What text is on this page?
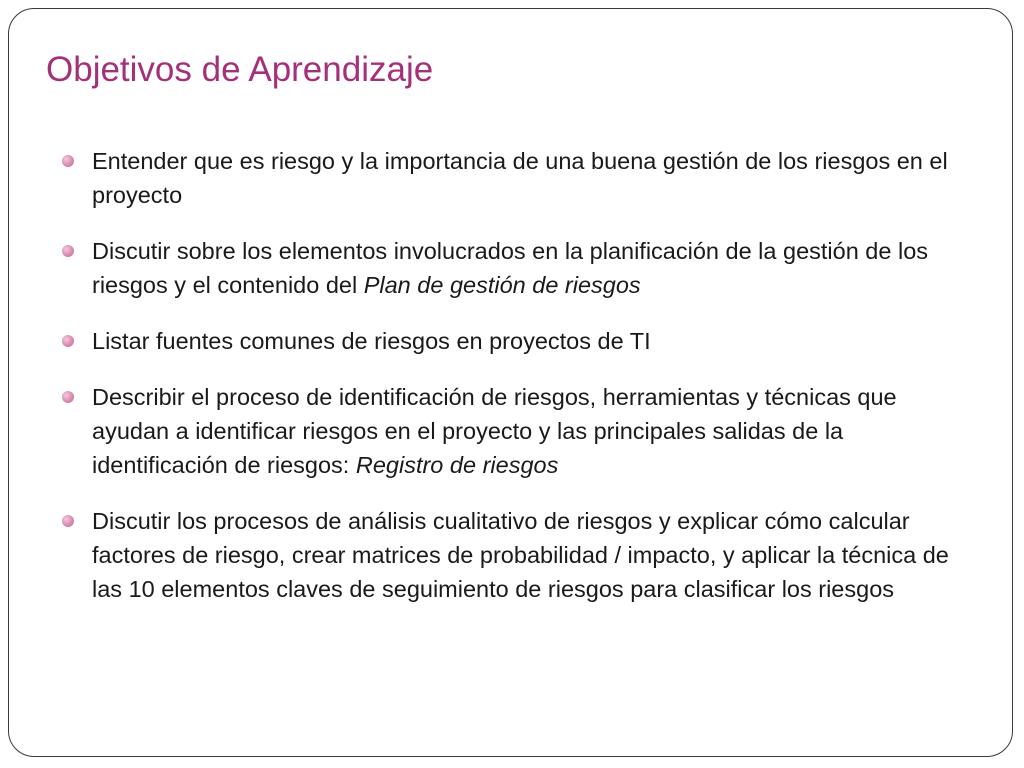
Objetivos de Aprendizaje
Entender que es riesgo y la importancia de una buena gestión de los riesgos en el proyecto
Discutir sobre los elementos involucrados en la planificación de la gestión de los riesgos y el contenido del Plan de gestión de riesgos
Listar fuentes comunes de riesgos en proyectos de TI
Describir el proceso de identificación de riesgos, herramientas y técnicas que ayudan a identificar riesgos en el proyecto y las principales salidas de la identificación de riesgos: Registro de riesgos
Discutir los procesos de análisis cualitativo de riesgos y explicar cómo calcular factores de riesgo, crear matrices de probabilidad / impacto, y aplicar la técnica de las 10 elementos claves de seguimiento de riesgos para clasificar los riesgos
